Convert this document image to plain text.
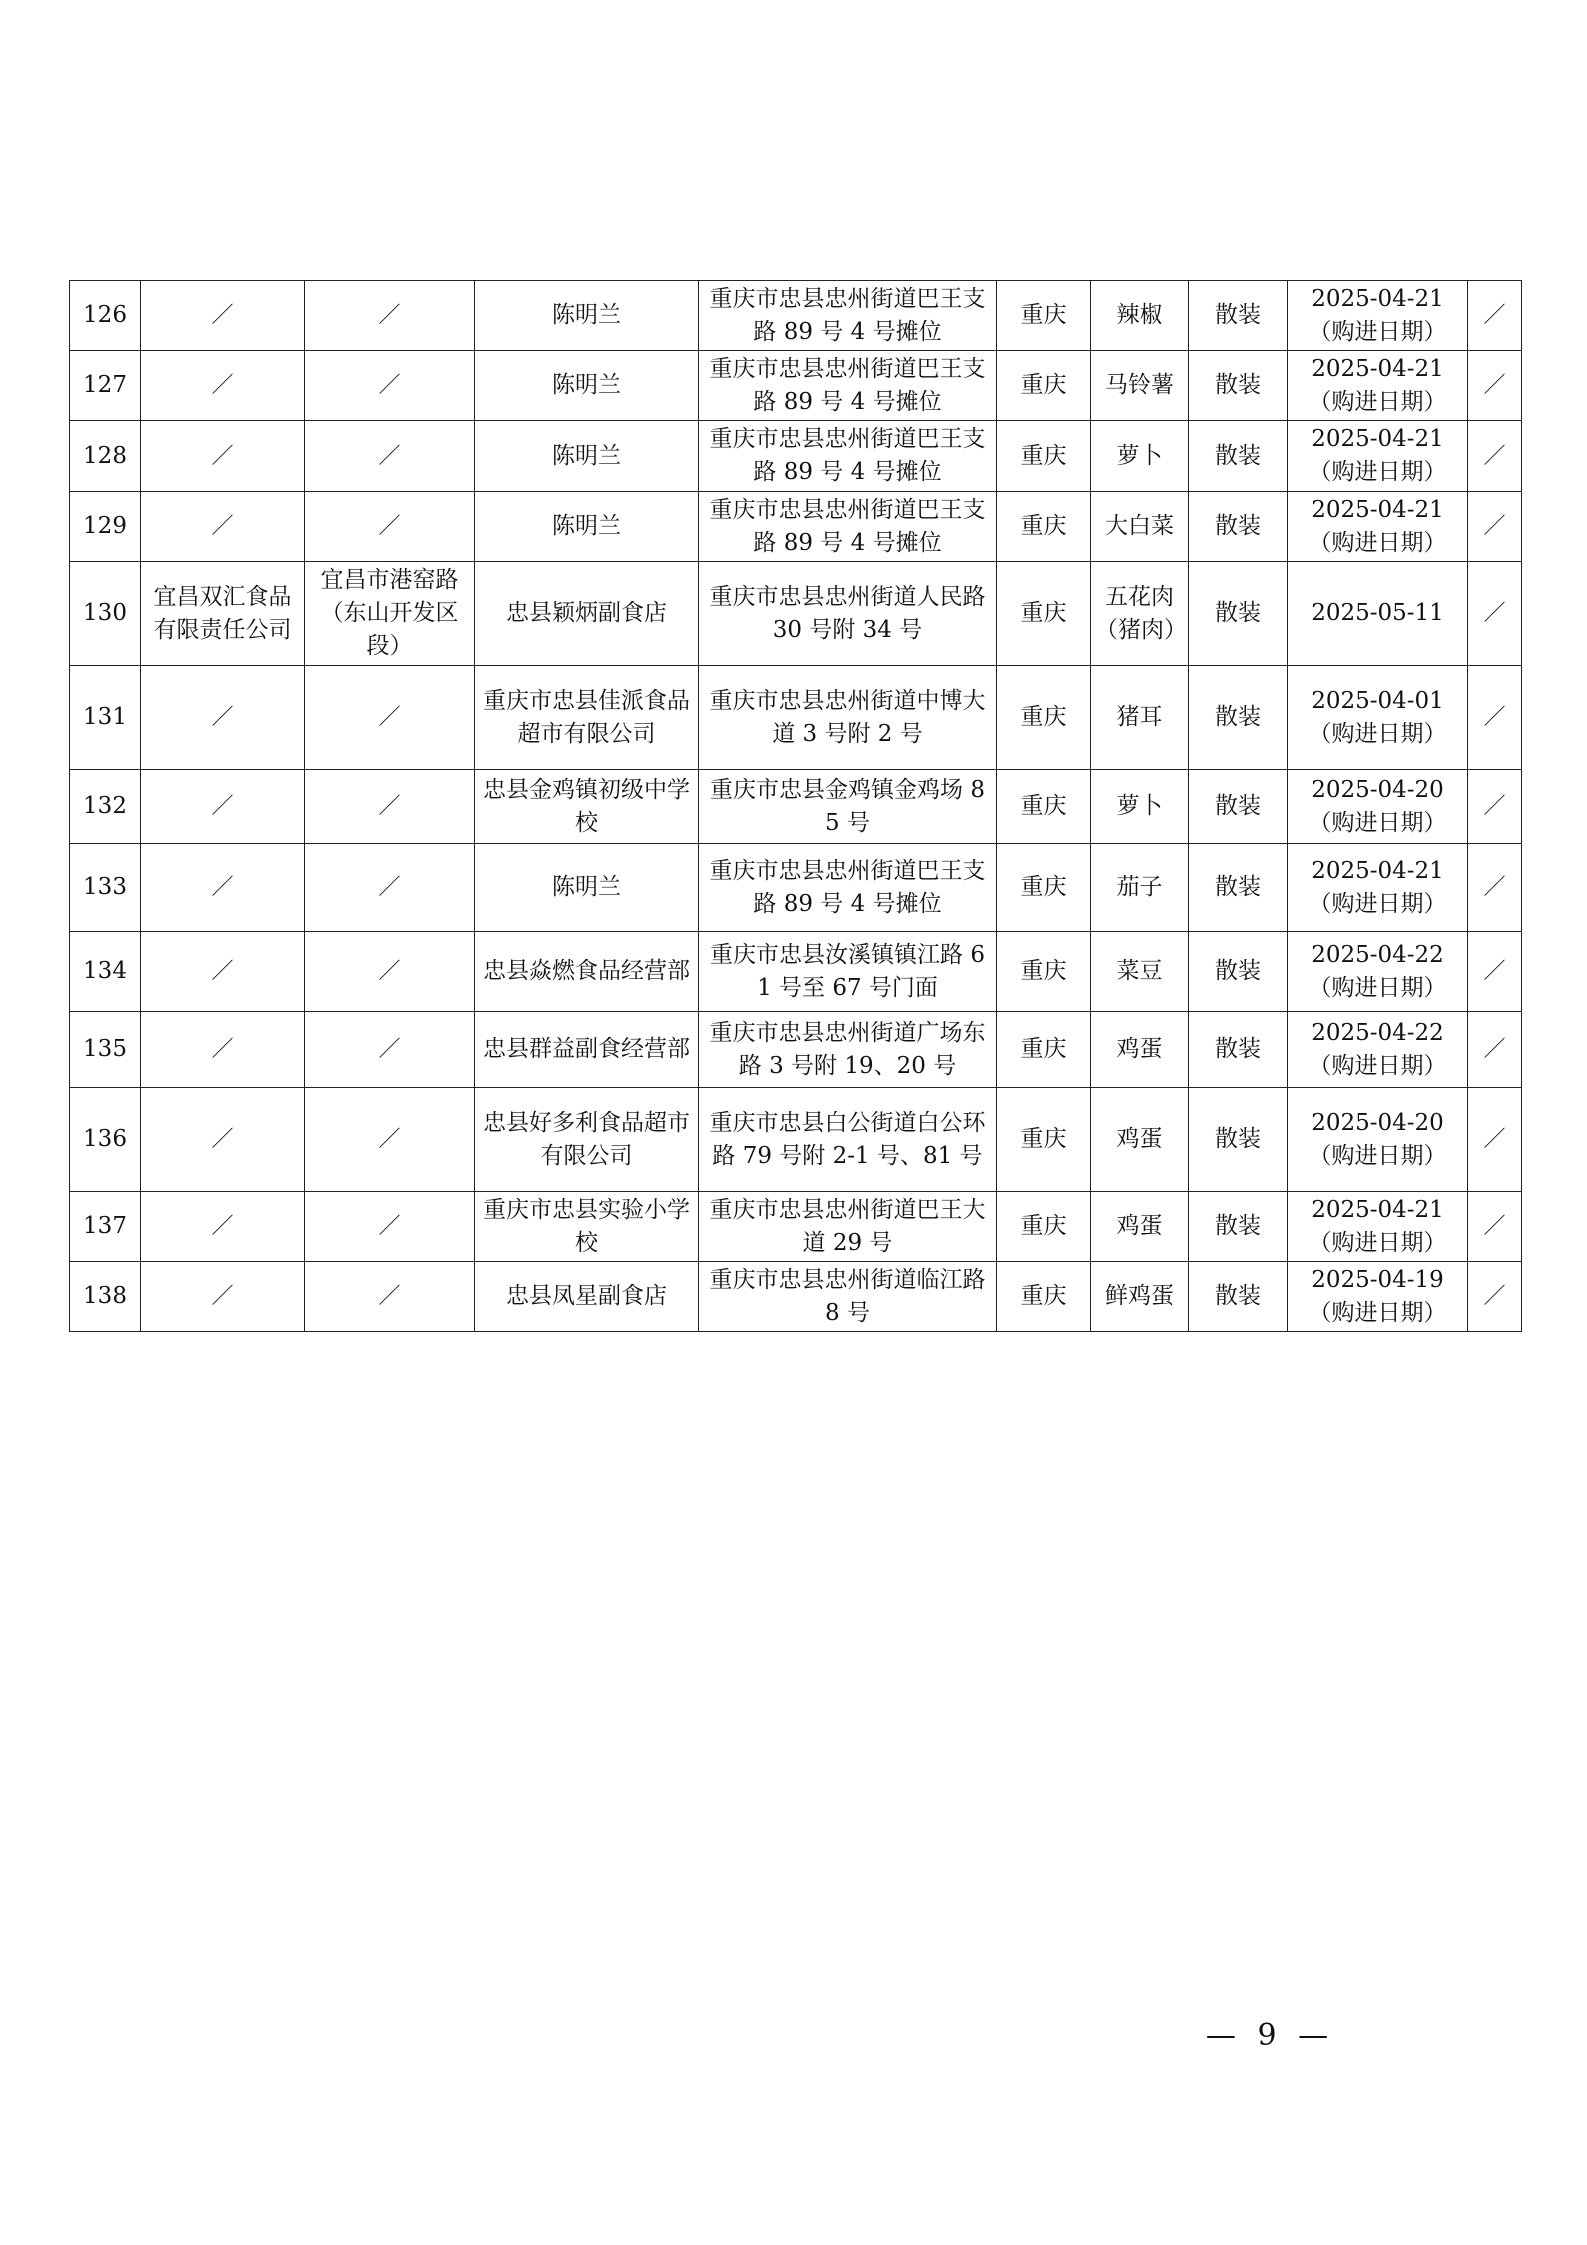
126	／	／	陈明兰	重庆市忠县忠州街道巴王支路 89 号 4 号摊位	重庆	辣椒	散装	2025-04-21（购进日期）	／
127	／	／	陈明兰	重庆市忠县忠州街道巴王支路 89 号 4 号摊位	重庆	马铃薯	散装	2025-04-21（购进日期）	／
128	／	／	陈明兰	重庆市忠县忠州街道巴王支路 89 号 4 号摊位	重庆	萝卜	散装	2025-04-21（购进日期）	／
129	／	／	陈明兰	重庆市忠县忠州街道巴王支路 89 号 4 号摊位	重庆	大白菜	散装	2025-04-21（购进日期）	／
130	宜昌双汇食品有限责任公司	宜昌市港窑路（东山开发区段）	忠县颖炳副食店	重庆市忠县忠州街道人民路 30 号附 34 号	重庆	五花肉（猪肉）	散装	2025-05-11	／
131	／	／	重庆市忠县佳派食品超市有限公司	重庆市忠县忠州街道中博大道 3 号附 2 号	重庆	猪耳	散装	2025-04-01（购进日期）	／
132	／	／	忠县金鸡镇初级中学校	重庆市忠县金鸡镇金鸡场 85 号	重庆	萝卜	散装	2025-04-20（购进日期）	／
133	／	／	陈明兰	重庆市忠县忠州街道巴王支路 89 号 4 号摊位	重庆	茄子	散装	2025-04-21（购进日期）	／
134	／	／	忠县焱燃食品经营部	重庆市忠县汝溪镇镇江路 61 号至 67 号门面	重庆	菜豆	散装	2025-04-22（购进日期）	／
135	／	／	忠县群益副食经营部	重庆市忠县忠州街道广场东路 3 号附 19、20 号	重庆	鸡蛋	散装	2025-04-22（购进日期）	／
136	／	／	忠县好多利食品超市有限公司	重庆市忠县白公街道白公环路 79 号附 2-1 号、81 号	重庆	鸡蛋	散装	2025-04-20（购进日期）	／
137	／	／	重庆市忠县实验小学校	重庆市忠县忠州街道巴王大道 29 号	重庆	鸡蛋	散装	2025-04-21（购进日期）	／
138	／	／	忠县凤星副食店	重庆市忠县忠州街道临江路 8 号	重庆	鲜鸡蛋	散装	2025-04-19（购进日期）	／
— 9 —
